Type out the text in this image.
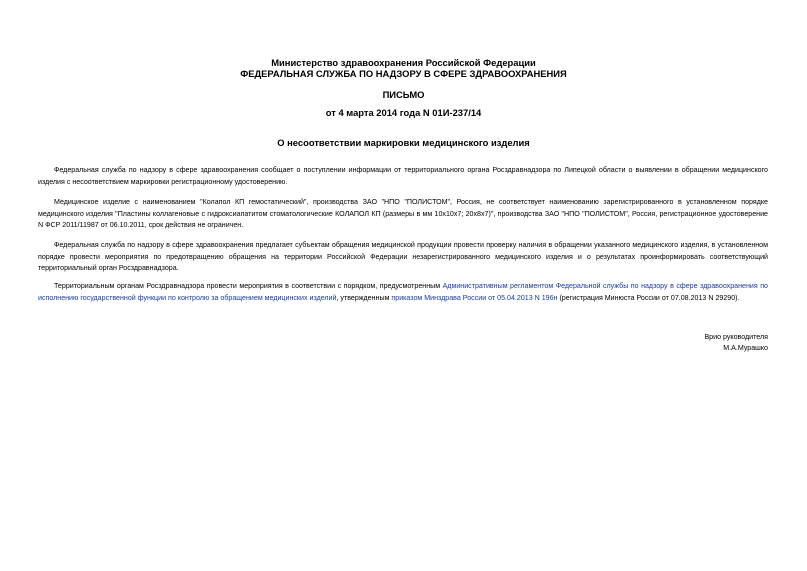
Министерство здравоохранения Российской Федерации
ФЕДЕРАЛЬНАЯ СЛУЖБА ПО НАДЗОРУ В СФЕРЕ ЗДРАВООХРАНЕНИЯ
ПИСЬМО
от 4 марта 2014 года N 01И-237/14
О несоответствии маркировки медицинского изделия
Федеральная служба по надзору в сфере здравоохранения сообщает о поступлении информации от территориального органа Росздравнадзора по Липецкой области о выявлении в обращении медицинского изделия с несоответствием маркировки регистрационному удостоверению.
Медицинское изделие с наименованием "Колапол КП гемостатический", производства ЗАО "НПО "ПОЛИСТОМ", Россия, не соответствует наименованию зарегистрированного в установленном порядке медицинского изделия "Пластины коллагеновые с гидроксиапатитом стоматологические КОЛАПОЛ КП (размеры в мм 10х10х7; 20х8х7)", производства ЗАО "НПО "ПОЛИСТОМ", Россия, регистрационное удостоверение N ФСР 2011/11987 от 06.10.2011, срок действия не ограничен.
Федеральная служба по надзору в сфере здравоохранения предлагает субъектам обращения медицинской продукции провести проверку наличия в обращении указанного медицинского изделия, в установленном порядке провести мероприятия по предотвращению обращения на территории Российской Федерации незарегистрированного медицинского изделия и о результатах проинформировать соответствующий территориальный орган Росздравнадзора.
Территориальным органам Росздравнадзора провести мероприятия в соответствии с порядком, предусмотренным Административным регламентом Федеральной службы по надзору в сфере здравоохранения по исполнению государственной функции по контролю за обращением медицинских изделий, утвержденным приказом Минздрава России от 05.04.2013 N 196н (регистрация Минюста России от 07.08.2013 N 29290).
Врио руководителя
М.А.Мурашко
